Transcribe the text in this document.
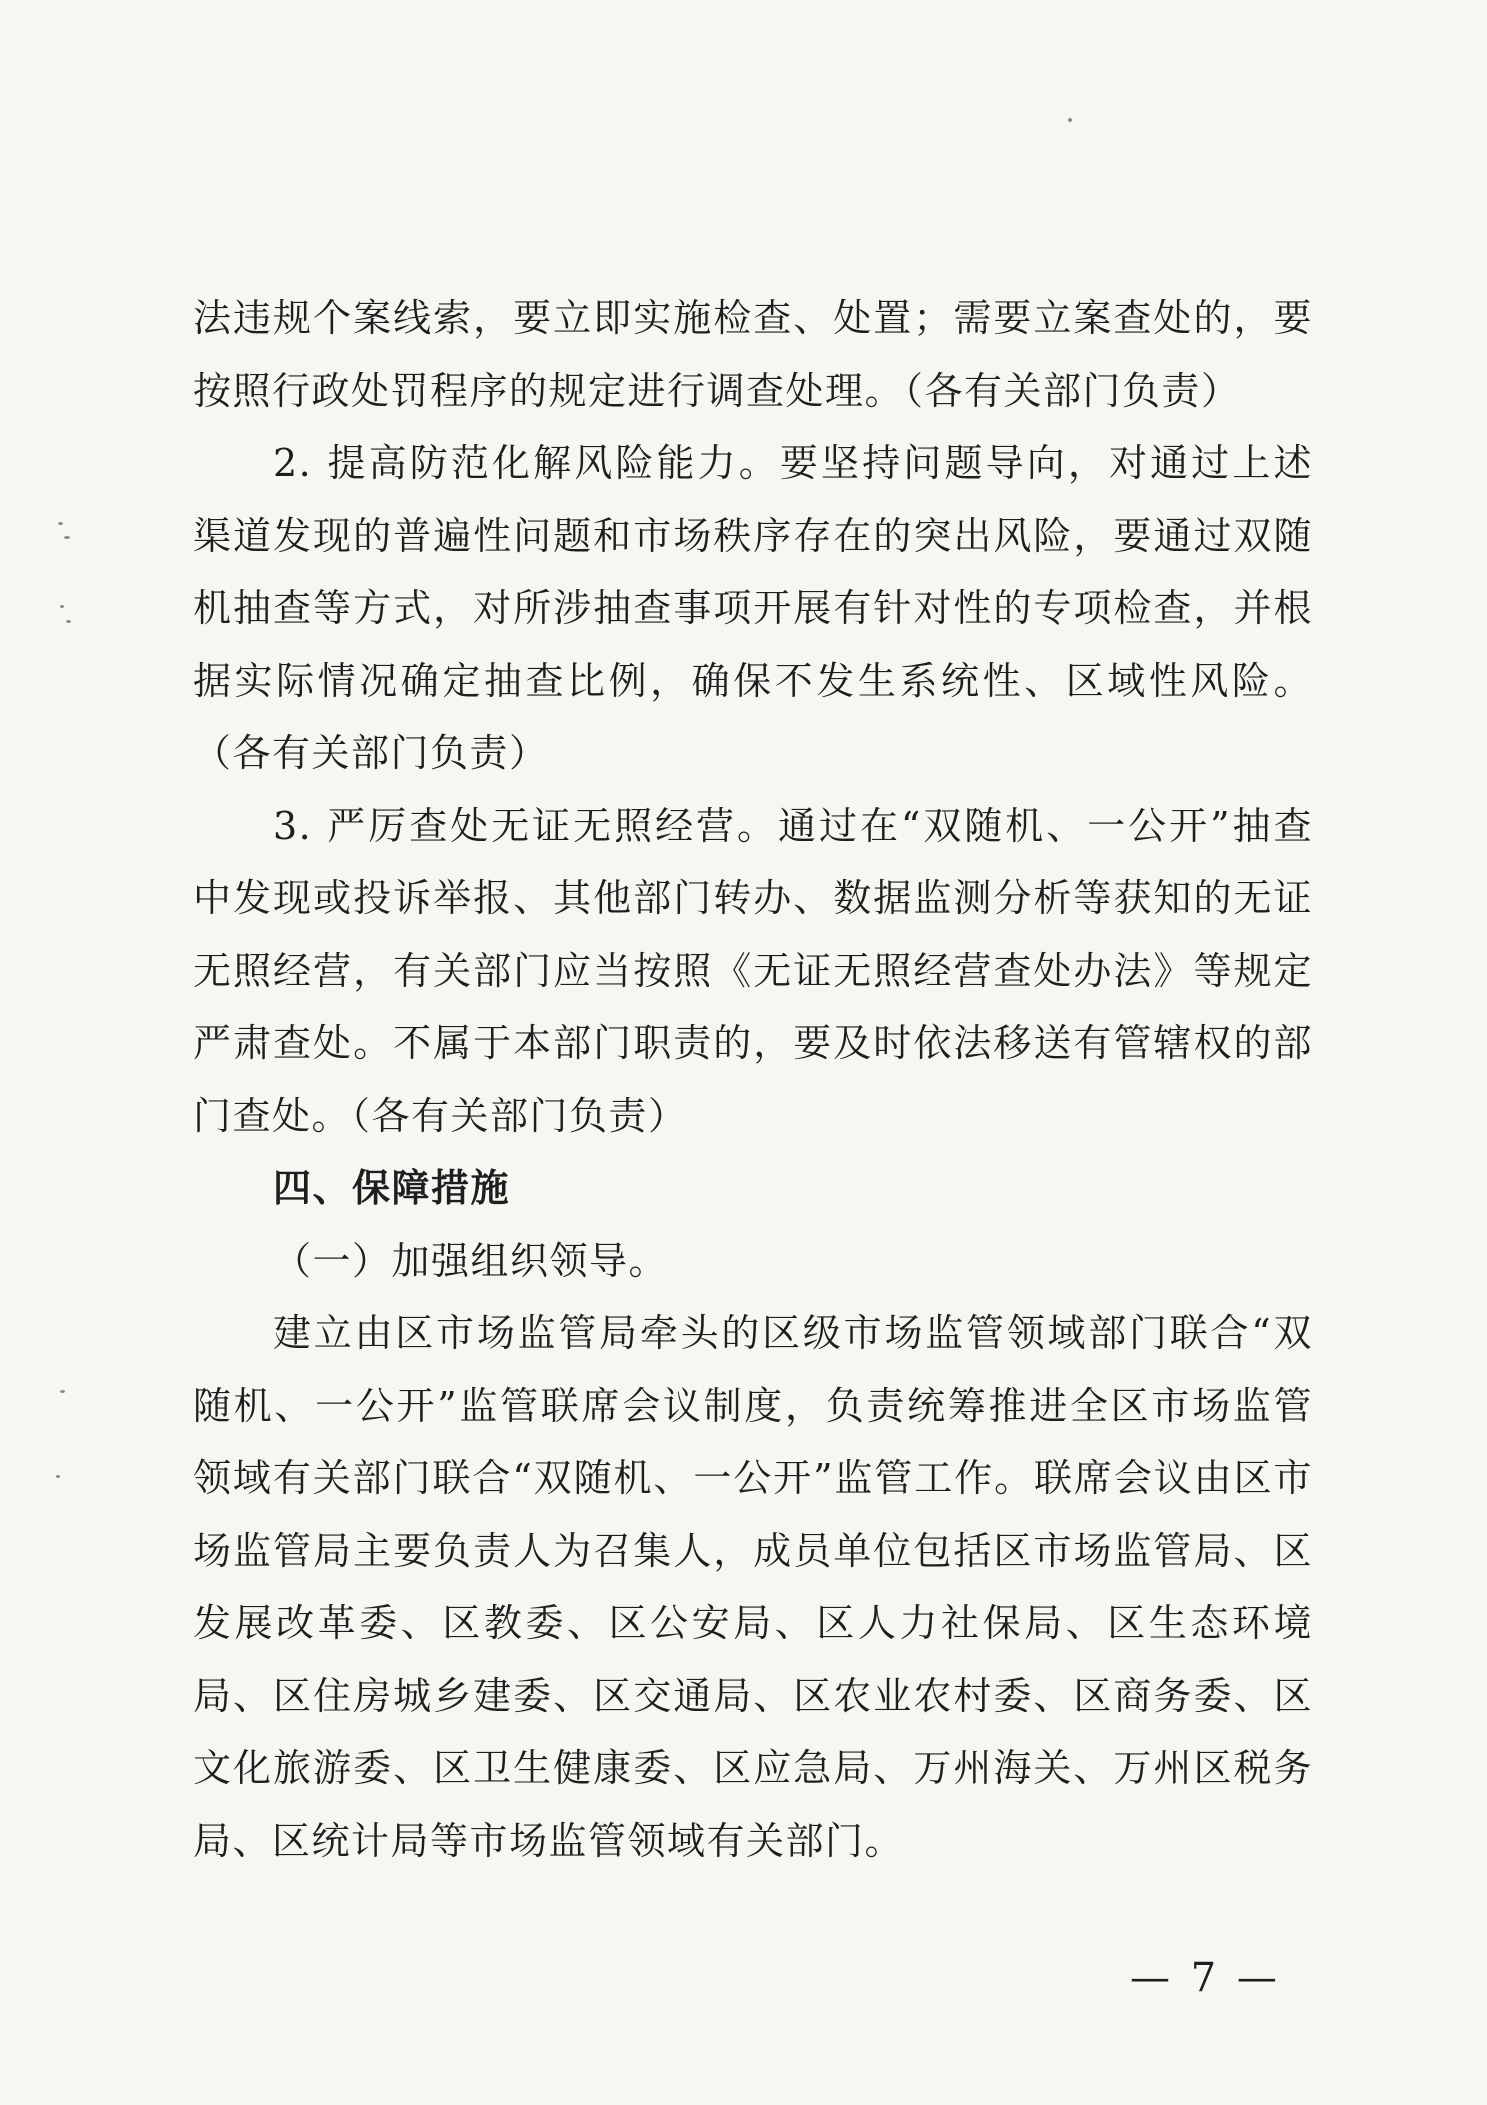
法违规个案线索，要立即实施检查、处置；需要立案查处的，要按照行政处罚程序的规定进行调查处理。（各有关部门负责）

2. 提高防范化解风险能力。要坚持问题导向，对通过上述渠道发现的普遍性问题和市场秩序存在的突出风险，要通过双随机抽查等方式，对所涉抽查事项开展有针对性的专项检查，并根据实际情况确定抽查比例，确保不发生系统性、区域性风险。（各有关部门负责）

3. 严厉查处无证无照经营。通过在“双随机、一公开”抽查中发现或投诉举报、其他部门转办、数据监测分析等获知的无证无照经营，有关部门应当按照《无证无照经营查处办法》等规定严肃查处。不属于本部门职责的，要及时依法移送有管辖权的部门查处。（各有关部门负责）

四、保障措施

（一）加强组织领导。

建立由区市场监管局牵头的区级市场监管领域部门联合“双随机、一公开”监管联席会议制度，负责统筹推进全区市场监管领域有关部门联合“双随机、一公开”监管工作。联席会议由区市场监管局主要负责人为召集人，成员单位包括区市场监管局、区发展改革委、区教委、区公安局、区人力社保局、区生态环境局、区住房城乡建委、区交通局、区农业农村委、区商务委、区文化旅游委、区卫生健康委、区应急局、万州海关、万州区税务局、区统计局等市场监管领域有关部门。

— 7 —
